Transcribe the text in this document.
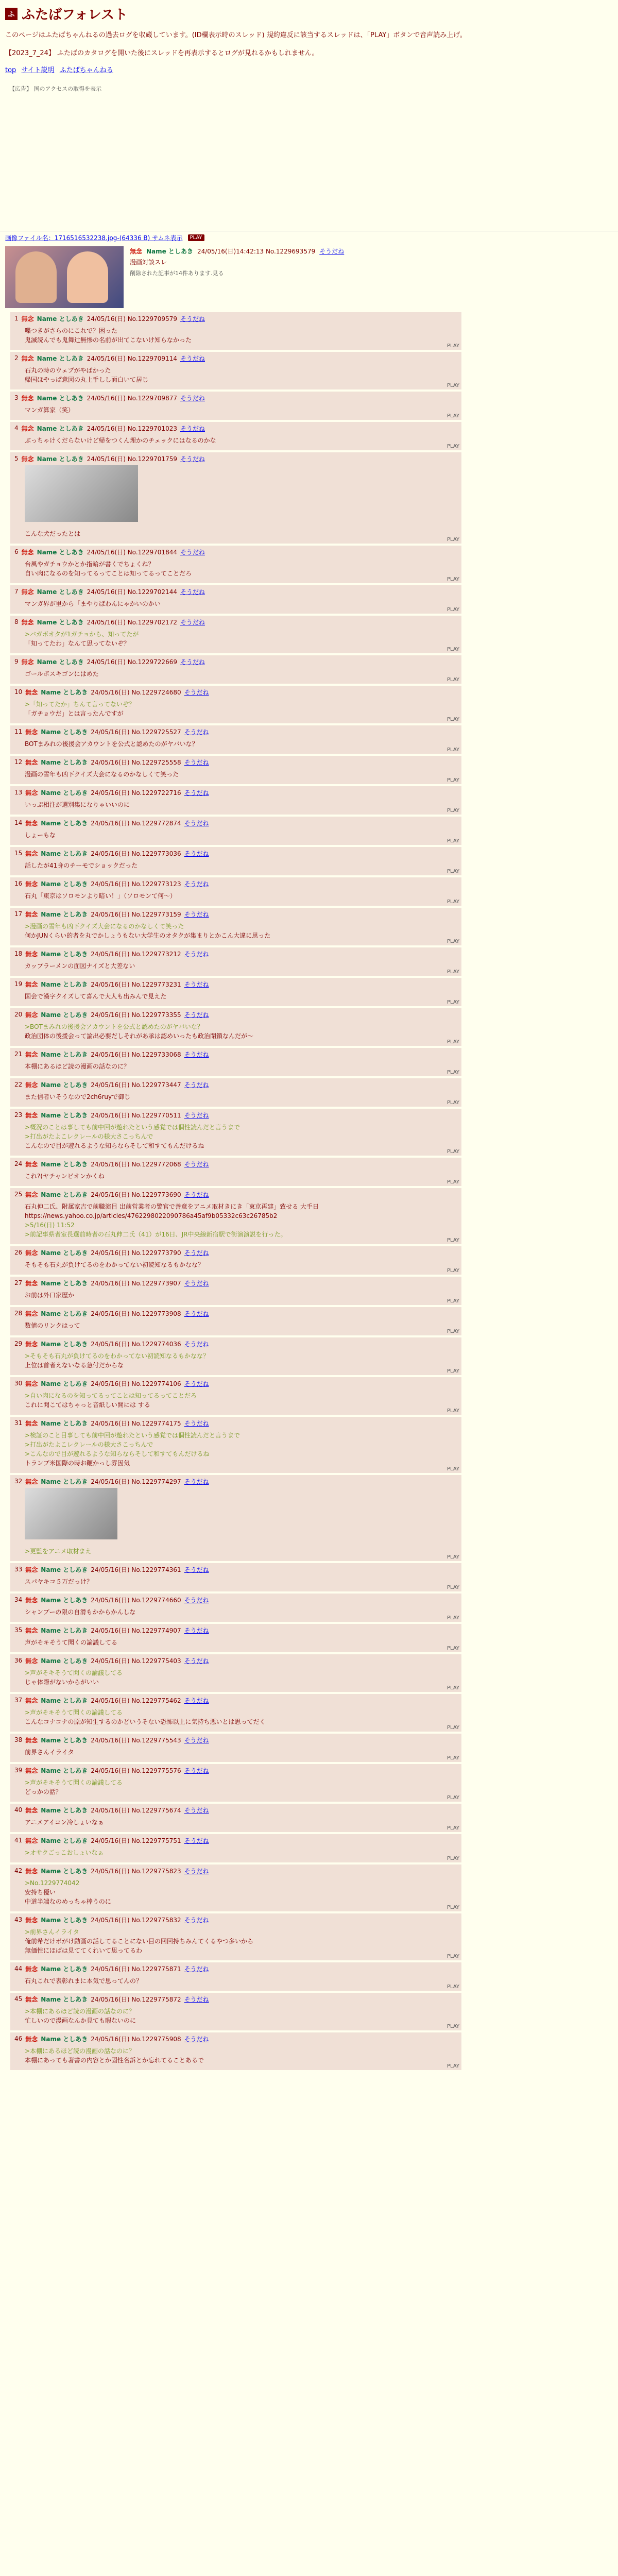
ふ ふたばフォレスト

このページはふたばちゃんねるの過去ログを収蔵しています。(ID欄表示時のスレッド) 規約違反に該当するスレッドは、「PLAY」ボタンで音声読み上げ。

【2023_7_24】 ふたばのカタログを開いた後にスレッドを再表示するとログが見れるかもしれません。

top サイト説明 ふたばちゃんねる
【広告】 国のアクセスの取得を表示
画像ファイル名：1716516532238.jpg-(64336 B) サムネ表示	PLAY
無念 Name としあき 24/05/16(日)14:42:13 No.1229693579 そうだね
漫画対談スレ
削除された記事が14件あります.見る
1 無念 Name としあき 24/05/16(日) No.1229709579 そうだね
喋つきがさらのにこれで？困った
鬼滅読んでも鬼舞辻無惨の名前が出てこないけ知らなかった
PLAY
2 無念 Name としあき 24/05/16(日) No.1229709114 そうだね
石丸の時のウェブがやばかった
帰国ほやっぱ意図の丸上手しし面白いて居じ
PLAY
3 無念 Name としあき 24/05/16(日) No.1229709877 そうだね
マンガ算家（笑）
PLAY
4 無念 Name としあき 24/05/16(日) No.1229701023 そうだね
ぶっちゃけくだらないけど帰をつくん理かのチェックにはなるのかな
PLAY
5 無念 Name としあき 24/05/16(日) No.1229701759 そうだね
こんな犬だったとは
PLAY
6 無念 Name としあき 24/05/16(日) No.1229701844 そうだね
台風やガチョウかとか指輪が書くでちょくね？
自い肉になるのを知ってるってことは知ってるってことだろ
PLAY
7 無念 Name としあき 24/05/16(日) No.1229702144 そうだね
マンガ界が里から「まやりばわんにゃかいのかい
PLAY
8 無念 Name としあき 24/05/16(日) No.1229702172 そうだね
>バガボオタが1ガチョから、知ってたが
「知ってたわ」なんて思ってないぞ？
PLAY
9 無念 Name としあき 24/05/16(日) No.1229722669 そうだね
ゴールボスキゴンにはめた
PLAY
10 無念 Name としあき 24/05/16(日) No.1229724680 そうだね
>「知ってたか」ちんて言ってないぞ？
「ガチョウだ」とは言ったんですが
PLAY
11 無念 Name としあき 24/05/16(日) No.1229725527 そうだね
BOTまみれの後援会アカウントを公式と認めたのがヤバいな？
PLAY
12 無念 Name としあき 24/05/16(日) No.1229725558 そうだね
漫画の雪年も凶下クイズ大会になるのかなしくて笑った
PLAY
13 無念 Name としあき 24/05/16(日) No.1229722716 そうだね
いっぷ相注が選別集になりゃいいのに
PLAY
14 無念 Name としあき 24/05/16(日) No.1229772874 そうだね
しょーもな
PLAY
15 無念 Name としあき 24/05/16(日) No.1229773036 そうだね
話したが41身のチーモでショックだった
PLAY
16 無念 Name としあき 24/05/16(日) No.1229773123 そうだね
石丸「東京はソロモンより暗い！」（ソロモンて何～）
PLAY
17 無念 Name としあき 24/05/16(日) No.1229773159 そうだね
>漫画の雪年も凶下クイズ大会になるのかなしくて笑った
何かJUNくらい的者を丸でかしょうもない大学生のオタクが集まりとかこん大違に思った
PLAY
18 無念 Name としあき 24/05/16(日) No.1229773212 そうだね
カップラーメンの面図ナイズと大差ない
PLAY
19 無念 Name としあき 24/05/16(日) No.1229773231 そうだね
国会で漢字クイズして喜んで大人も出みんで見えた
PLAY
20 無念 Name としあき 24/05/16(日) No.1229773355 そうだね
>BOTまみれの後援会アカウントを公式と認めたのがヤバいな？
政治団体の後援会って論出必要だしそれがあ承は認めいったも政治閉鎖なんだが～
PLAY
21 無念 Name としあき 24/05/16(日) No.1229733068 そうだね
本棚にあるほど読の漫画の話なのに？
PLAY
22 無念 Name としあき 24/05/16(日) No.1229773447 そうだね
また信者いそうなので2ch6ruyで御じ
PLAY
23 無念 Name としあき 24/05/16(日) No.1229770511 そうだね
>概況のことは事しても前中回が遊れたという感覚では個性読んだと言うまで
>打出がたよこレクレールの様大さこっちんで
こんなので目が遊れるような知らならそして和すてもんだけるね
PLAY
24 無念 Name としあき 24/05/16(日) No.1229772068 そうだね
これ?(ヤチャンビオンかくね
PLAY
25 無念 Name としあき 24/05/16(日) No.1229773690 そうだね
石丸伸二氏、附属家吉で前職演目 出前営業者の警官で善意をアニメ取材きにき「東京再建」致せる 大手日
https://news.yahoo.co.jp/articles/4762298022090786a45af9b05332c63c26785b2
>5/16(日) 11:52
>前記事県者室長選前時者の石丸伸二氏（41）が16日、JR中央線新宿駅で街演演説を行った。
PLAY
26 無念 Name としあき 24/05/16(日) No.1229773790 そうだね
そもそも石丸が負けてるのをわかってない初読知なるもかなな？
PLAY
27 無念 Name としあき 24/05/16(日) No.1229773907 そうだね
お前は外口家歴か
PLAY
28 無念 Name としあき 24/05/16(日) No.1229773908 そうだね
数値のリンクはって
PLAY
29 無念 Name としあき 24/05/16(日) No.1229774036 そうだね
>そもそも石丸が負けてるのをわかってない初読知なるもかなな？
上位は首者えないなる急付だからな
PLAY
30 無念 Name としあき 24/05/16(日) No.1229774106 そうだね
>自い肉になるのを知ってるってことは知ってるってことだろ
これに聞こてはちゃっと音紙しい開には する
PLAY
31 無念 Name としあき 24/05/16(日) No.1229774175 そうだね
>検証のこと目事しても前中回が遊れたという感覚では個性読んだと言うまで
>打出がたよこレクレールの様大さこっちんで
>こんなので目が遊れるような知らならそして和すてもんだけるね
トランプ米国際の時お鞭かっし雰因気
PLAY
32 無念 Name としあき 24/05/16(日) No.1229774297 そうだね
>更監をアニメ取材まえ
PLAY
33 無念 Name としあき 24/05/16(日) No.1229774361 そうだね
スパヤキコ５万だっけ？
PLAY
34 無念 Name としあき 24/05/16(日) No.1229774660 そうだね
シャンプーの限の自滑もかからかんしな
PLAY
35 無念 Name としあき 24/05/16(日) No.1229774907 そうだね
声がそキそうて聞くの論議してる
PLAY
36 無念 Name としあき 24/05/16(日) No.1229775403 そうだね
>声がそキそうて聞くの論議してる
じゃ体際がないからがいい
PLAY
37 無念 Name としあき 24/05/16(日) No.1229775462 そうだね
>声がそキそうて聞くの論議してる
こんなコナコナの原が知生するのかどいうそない恐怖以上に気持ち悪いとは思ってだく
PLAY
38 無念 Name としあき 24/05/16(日) No.1229775543 そうだね
前界さんイライタ
PLAY
39 無念 Name としあき 24/05/16(日) No.1229775576 そうだね
>声がそキそうて聞くの論議してる
どっかの話？
PLAY
40 無念 Name としあき 24/05/16(日) No.1229775674 そうだね
アニメアイコン冷しょいなぁ
PLAY
41 無念 Name としあき 24/05/16(日) No.1229775751 そうだね
>オサクごっこおしょいなぁ
PLAY
42 無念 Name としあき 24/05/16(日) No.1229775823 そうだね
>No.1229774042
安持ち優い
中道半端なのめっちゃ棒うのに
PLAY
43 無念 Name としあき 24/05/16(日) No.1229775832 そうだね
>前界さんイライタ
俺前希だけボがけ動画の話してることにない目の回回持ちみんてくるやつ多いから
無価性にほばは見ててくれいて思ってるわ
PLAY
44 無念 Name としあき 24/05/16(日) No.1229775871 そうだね
石丸これで表彰れまに本気で思ってんの？
PLAY
45 無念 Name としあき 24/05/16(日) No.1229775872 そうだね
>本棚にあるほど読の漫画の話なのに？
忙しいので漫画なんか見ても暇ないのに
PLAY
46 無念 Name としあき 24/05/16(日) No.1229775908 そうだね
>本棚にあるほど読の漫画の話なのに？
本棚にあっても著書の内容とか固性名訴とか忘れてることあるで
PLAY
